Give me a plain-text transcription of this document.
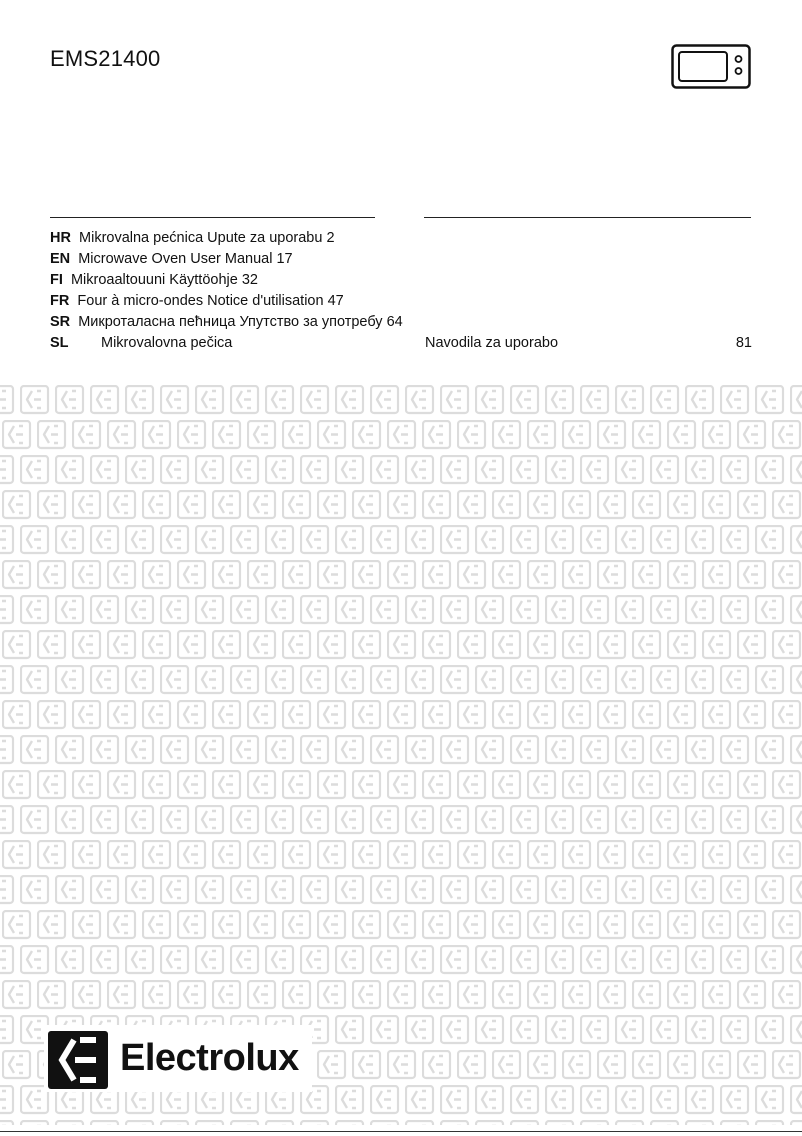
EMS21400
HR Mikrovalna pećnica Upute za uporabu 2
EN Microwave Oven User Manual 17
FI Mikroaaltouuni Käyttöohje 32
FR Four à micro-ondes Notice d'utilisation 47
SR Микроталасна пећница Упутство за употребу 64
SL Mikrovalovna pečica	Navodila za uporabo	81
Electrolux
